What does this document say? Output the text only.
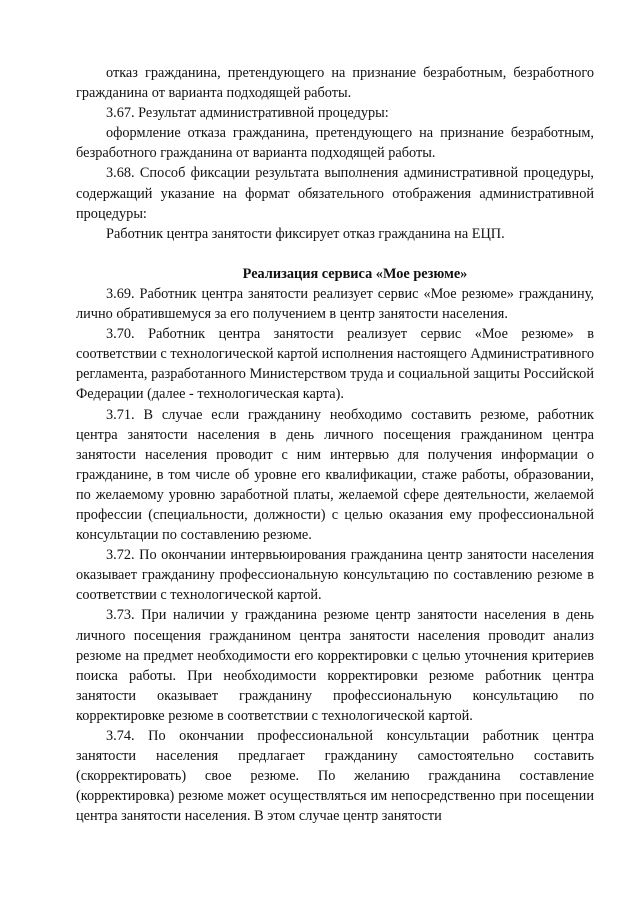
отказ гражданина, претендующего на признание безработным, безработного гражданина от варианта подходящей работы.

3.67. Результат административной процедуры:

оформление отказа гражданина, претендующего на признание безработным, безработного гражданина от варианта подходящей работы.

3.68. Способ фиксации результата выполнения административной процедуры, содержащий указание на формат обязательного отображения административной процедуры:

Работник центра занятости фиксирует отказ гражданина на ЕЦП.

Реализация сервиса «Мое резюме»

3.69. Работник центра занятости реализует сервис «Мое резюме» гражданину, лично обратившемуся за его получением в центр занятости населения.

3.70. Работник центра занятости реализует сервис «Мое резюме» в соответствии с технологической картой исполнения настоящего Административного регламента, разработанного Министерством труда и социальной защиты Российской Федерации (далее - технологическая карта).

3.71. В случае если гражданину необходимо составить резюме, работник центра занятости населения в день личного посещения гражданином центра занятости населения проводит с ним интервью для получения информации о гражданине, в том числе об уровне его квалификации, стаже работы, образовании, по желаемому уровню заработной платы, желаемой сфере деятельности, желаемой профессии (специальности, должности) с целью оказания ему профессиональной консультации по составлению резюме.

3.72. По окончании интервьюирования гражданина центр занятости населения оказывает гражданину профессиональную консультацию по составлению резюме в соответствии с технологической картой.

3.73. При наличии у гражданина резюме центр занятости населения в день личного посещения гражданином центра занятости населения проводит анализ резюме на предмет необходимости его корректировки с целью уточнения критериев поиска работы. При необходимости корректировки резюме работник центра занятости оказывает гражданину профессиональную консультацию по корректировке резюме в соответствии с технологической картой.

3.74. По окончании профессиональной консультации работник центра занятости населения предлагает гражданину самостоятельно составить (скорректировать) свое резюме. По желанию гражданина составление (корректировка) резюме может осуществляться им непосредственно при посещении центра занятости населения. В этом случае центр занятости
